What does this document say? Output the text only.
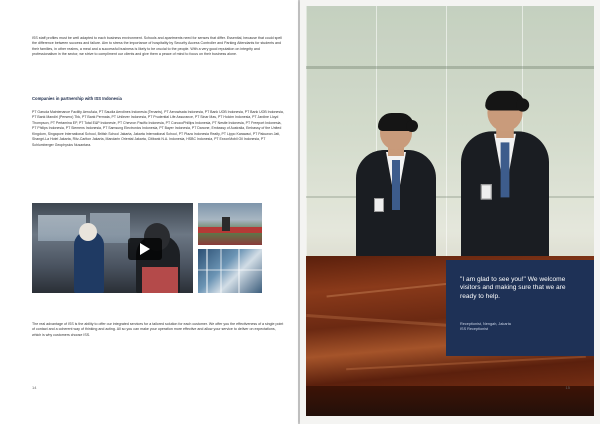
ISS staff profiles must be well adapted to each business environment. Schools and apartments need for senses that differ. Essential, because that could spell the difference between success and failure. Aim to stress the importance of hospitality by Security Access Controller and Parking Attendants for students and their families, in other realms, a meal and a successful business is likely to be crucial to the people. With a very good reputation on integrity and professionalism in the sector, we strive to compliment our clients and give them a peace of mind to focus on their business alone.

Companies in partnership with ISS Indonesia

PT Garuda Maintenance Facility AeroAsia, PT Saudia Aerolines Indonesia (Tenants), PT Aerowisata Indonesia, PT Bank UOB Indonesia, PT Bank UOB Indonesia, PT Bank Mandiri (Persero) Tbk, PT Bank Permata, PT Unilever Indonesia, PT Prudential Life Assurance, PT Sinar Mas, PT Holcim Indonesia, PT Jardine Lloyd Thompson, PT Pertamina EP, PT Total E&P Indonesie, PT Chevron Pacific Indonesia, PT ConocoPhillips Indonesia, PT Nestle Indonesia, PT Freeport Indonesia, PT Philips Indonesia, PT Siemens Indonesia, PT Samsung Electronics Indonesia, PT Bayer Indonesia, PT Danone, Embassy of Australia, Embassy of the United Kingdom, Singapore International School, British School Jakarta, Jakarta International School, PT Plaza Indonesia Realty, PT Lippo Karawaci, PT Pakuwon Jati, Shangri-La Hotel Jakarta, Ritz-Carlton Jakarta, Mandarin Oriental Jakarta, Citibank N.A. Indonesia, HSBC Indonesia, PT ExxonMobil Oil Indonesia, PT Schlumberger Geophysics Nusantara.

The real advantage of ISS is the ability to offer our integrated services for a tailored solution for each customer. We offer you the effectiveness of a single point of contact and a coherent way of thinking and acting. All so you can make your operation more effective and allow your service to deliver on expectations, which is why customers choose ISS.

14
"I am glad to see you!" We welcome visitors and making sure that we are ready to help.
Receptionist, Nengah, Jakarta
ISS Receptionist
15
